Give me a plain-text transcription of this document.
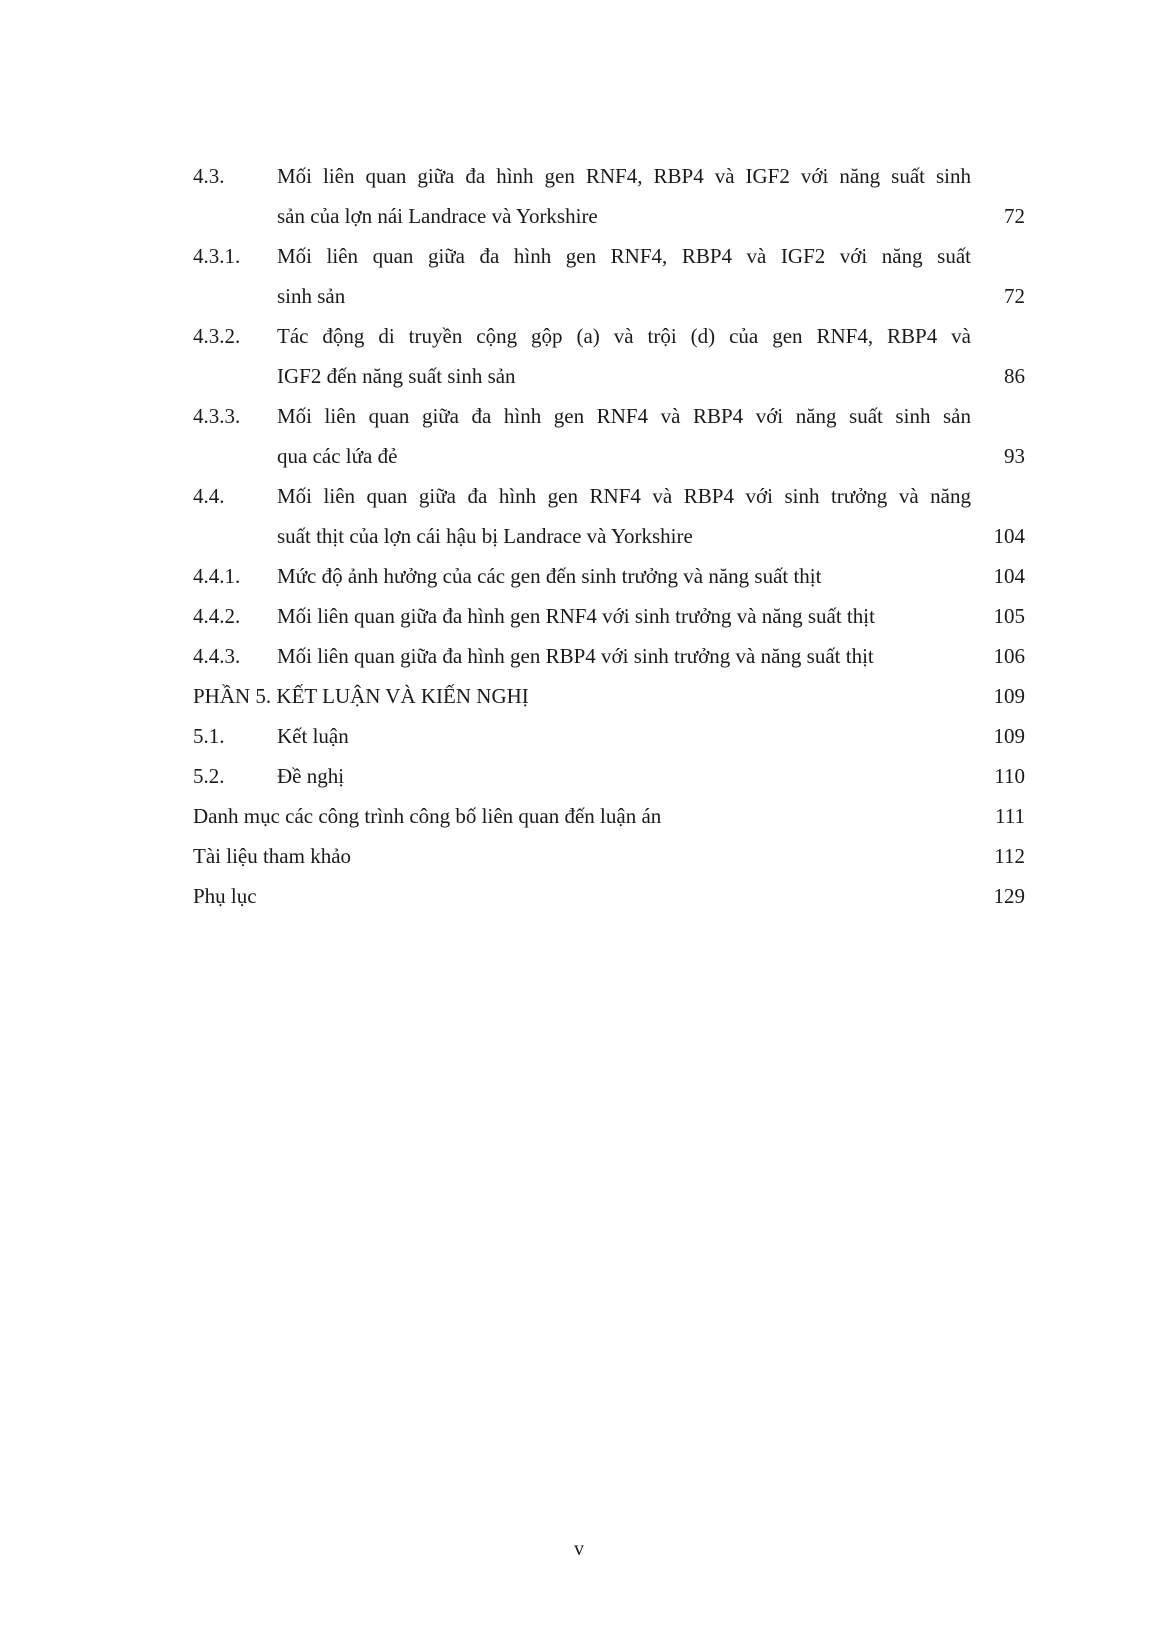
4.3.	Mối liên quan giữa đa hình gen RNF4, RBP4 và IGF2 với năng suất sinh
sản của lợn nái Landrace và Yorkshire	72
4.3.1. Mối liên quan giữa đa hình gen RNF4, RBP4 và IGF2 với năng suất
sinh sản	72
4.3.2. Tác động di truyền cộng gộp (a) và trội (d) của gen RNF4, RBP4 và
IGF2 đến năng suất sinh sản	86
4.3.3. Mối liên quan giữa đa hình gen RNF4 và RBP4 với năng suất sinh sản
qua các lứa đẻ	93
4.4.	Mối liên quan giữa đa hình gen RNF4 và RBP4 với sinh trưởng và năng
suất thịt của lợn cái hậu bị Landrace và Yorkshire	104
4.4.1. Mức độ ảnh hưởng của các gen đến sinh trưởng và năng suất thịt	104
4.4.2. Mối liên quan giữa đa hình gen RNF4 với sinh trưởng và năng suất thịt	105
4.4.3. Mối liên quan giữa đa hình gen RBP4 với sinh trưởng và năng suất thịt	106
PHẦN 5. KẾT LUẬN VÀ KIẾN NGHỊ	109
5.1.	Kết luận	109
5.2.	Đề nghị	110
Danh mục các công trình công bố liên quan đến luận án	111
Tài liệu tham khảo	112
Phụ lục	129
v
